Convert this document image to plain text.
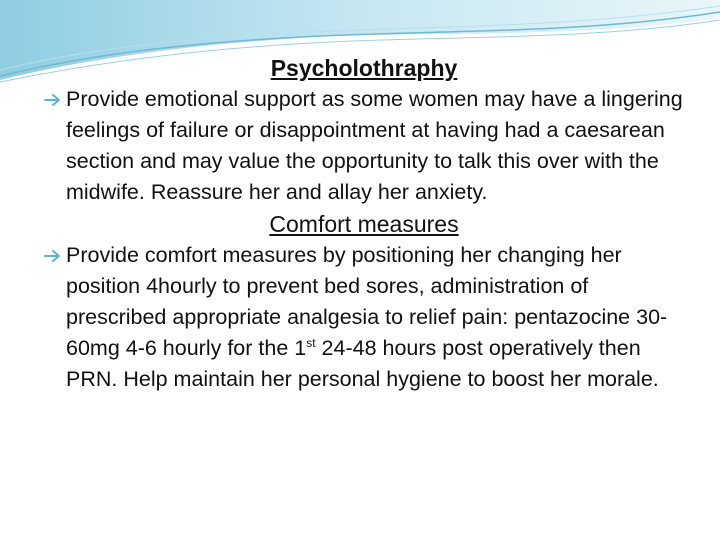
Psycholothraphy

Provide emotional support as some women may have a lingering feelings of failure or disappointment at having had a caesarean section and may value the opportunity to talk this over with the midwife. Reassure her and allay her anxiety.

Comfort measures

Provide comfort measures by positioning her changing her position 4hourly to prevent bed sores, administration of prescribed appropriate analgesia to relief pain: pentazocine 30-60mg 4-6 hourly for the 1st 24-48 hours post operatively then PRN. Help maintain her personal hygiene to boost her morale.
